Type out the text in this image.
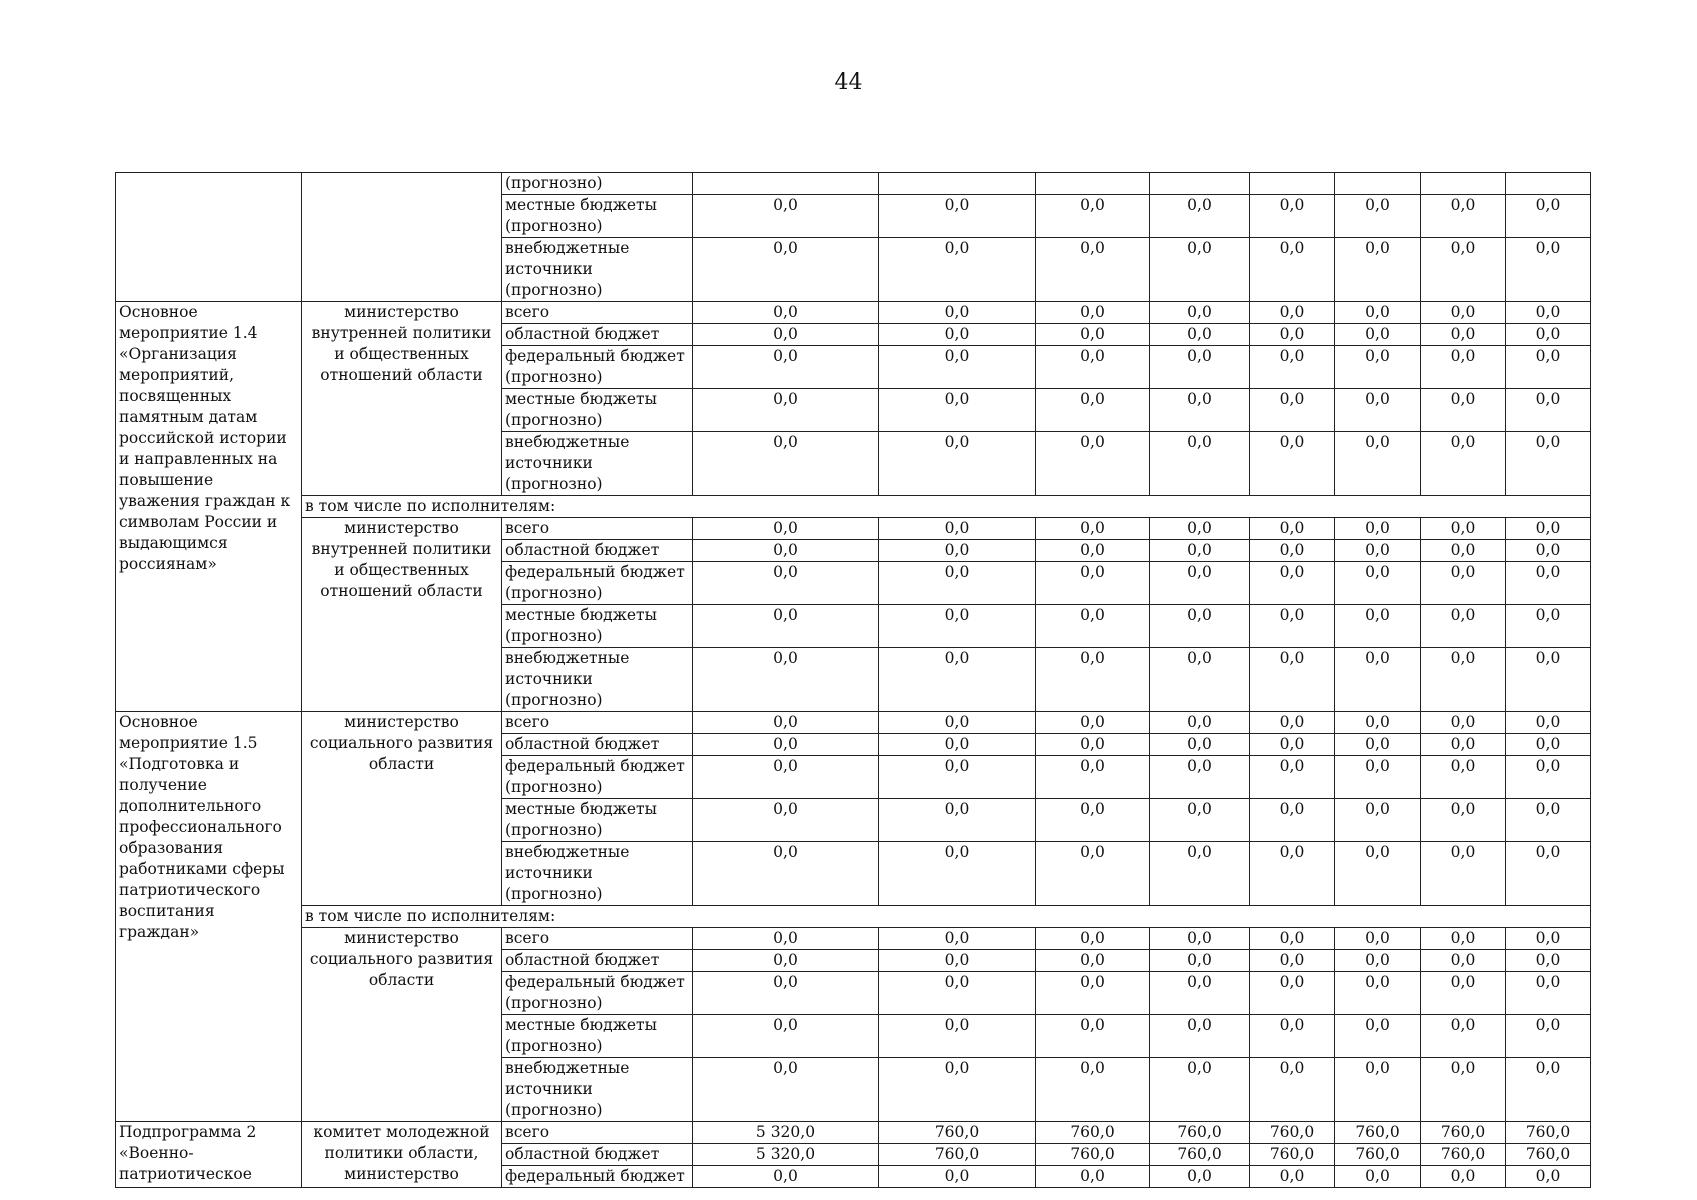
44
		(прогнозно)								
		местные бюджеты (прогнозно)	0,0	0,0	0,0	0,0	0,0	0,0	0,0	0,0
		внебюджетные источники (прогнозно)	0,0	0,0	0,0	0,0	0,0	0,0	0,0	0,0
Основное мероприятие 1.4 «Организация мероприятий, посвященных памятным датам российской истории и направленных на повышение уважения граждан к символам России и выдающимся россиянам»	министерство внутренней политики и общественных отношений области	всего	0,0	0,0	0,0	0,0	0,0	0,0	0,0	0,0
		областной бюджет	0,0	0,0	0,0	0,0	0,0	0,0	0,0	0,0
		федеральный бюджет (прогнозно)	0,0	0,0	0,0	0,0	0,0	0,0	0,0	0,0
		местные бюджеты (прогнозно)	0,0	0,0	0,0	0,0	0,0	0,0	0,0	0,0
		внебюджетные источники (прогнозно)	0,0	0,0	0,0	0,0	0,0	0,0	0,0	0,0
	в том числе по исполнителям:									
	министерство внутренней политики и общественных отношений области	всего	0,0	0,0	0,0	0,0	0,0	0,0	0,0	0,0
		областной бюджет	0,0	0,0	0,0	0,0	0,0	0,0	0,0	0,0
		федеральный бюджет (прогнозно)	0,0	0,0	0,0	0,0	0,0	0,0	0,0	0,0
		местные бюджеты (прогнозно)	0,0	0,0	0,0	0,0	0,0	0,0	0,0	0,0
		внебюджетные источники (прогнозно)	0,0	0,0	0,0	0,0	0,0	0,0	0,0	0,0
Основное мероприятие 1.5 «Подготовка и получение дополнительного профессионального образования работниками сферы патриотического воспитания граждан»	министерство социального развития области	всего	0,0	0,0	0,0	0,0	0,0	0,0	0,0	0,0
		областной бюджет	0,0	0,0	0,0	0,0	0,0	0,0	0,0	0,0
		федеральный бюджет (прогнозно)	0,0	0,0	0,0	0,0	0,0	0,0	0,0	0,0
		местные бюджеты (прогнозно)	0,0	0,0	0,0	0,0	0,0	0,0	0,0	0,0
		внебюджетные источники (прогнозно)	0,0	0,0	0,0	0,0	0,0	0,0	0,0	0,0
	в том числе по исполнителям:									
	министерство социального развития области	всего	0,0	0,0	0,0	0,0	0,0	0,0	0,0	0,0
		областной бюджет	0,0	0,0	0,0	0,0	0,0	0,0	0,0	0,0
		федеральный бюджет (прогнозно)	0,0	0,0	0,0	0,0	0,0	0,0	0,0	0,0
		местные бюджеты (прогнозно)	0,0	0,0	0,0	0,0	0,0	0,0	0,0	0,0
		внебюджетные источники (прогнозно)	0,0	0,0	0,0	0,0	0,0	0,0	0,0	0,0
Подпрограмма 2 «Военно-патриотическое	комитет молодежной политики области, министерство	всего	5 320,0	760,0	760,0	760,0	760,0	760,0	760,0	760,0
		областной бюджет	5 320,0	760,0	760,0	760,0	760,0	760,0	760,0	760,0
		федеральный бюджет	0,0	0,0	0,0	0,0	0,0	0,0	0,0	0,0
